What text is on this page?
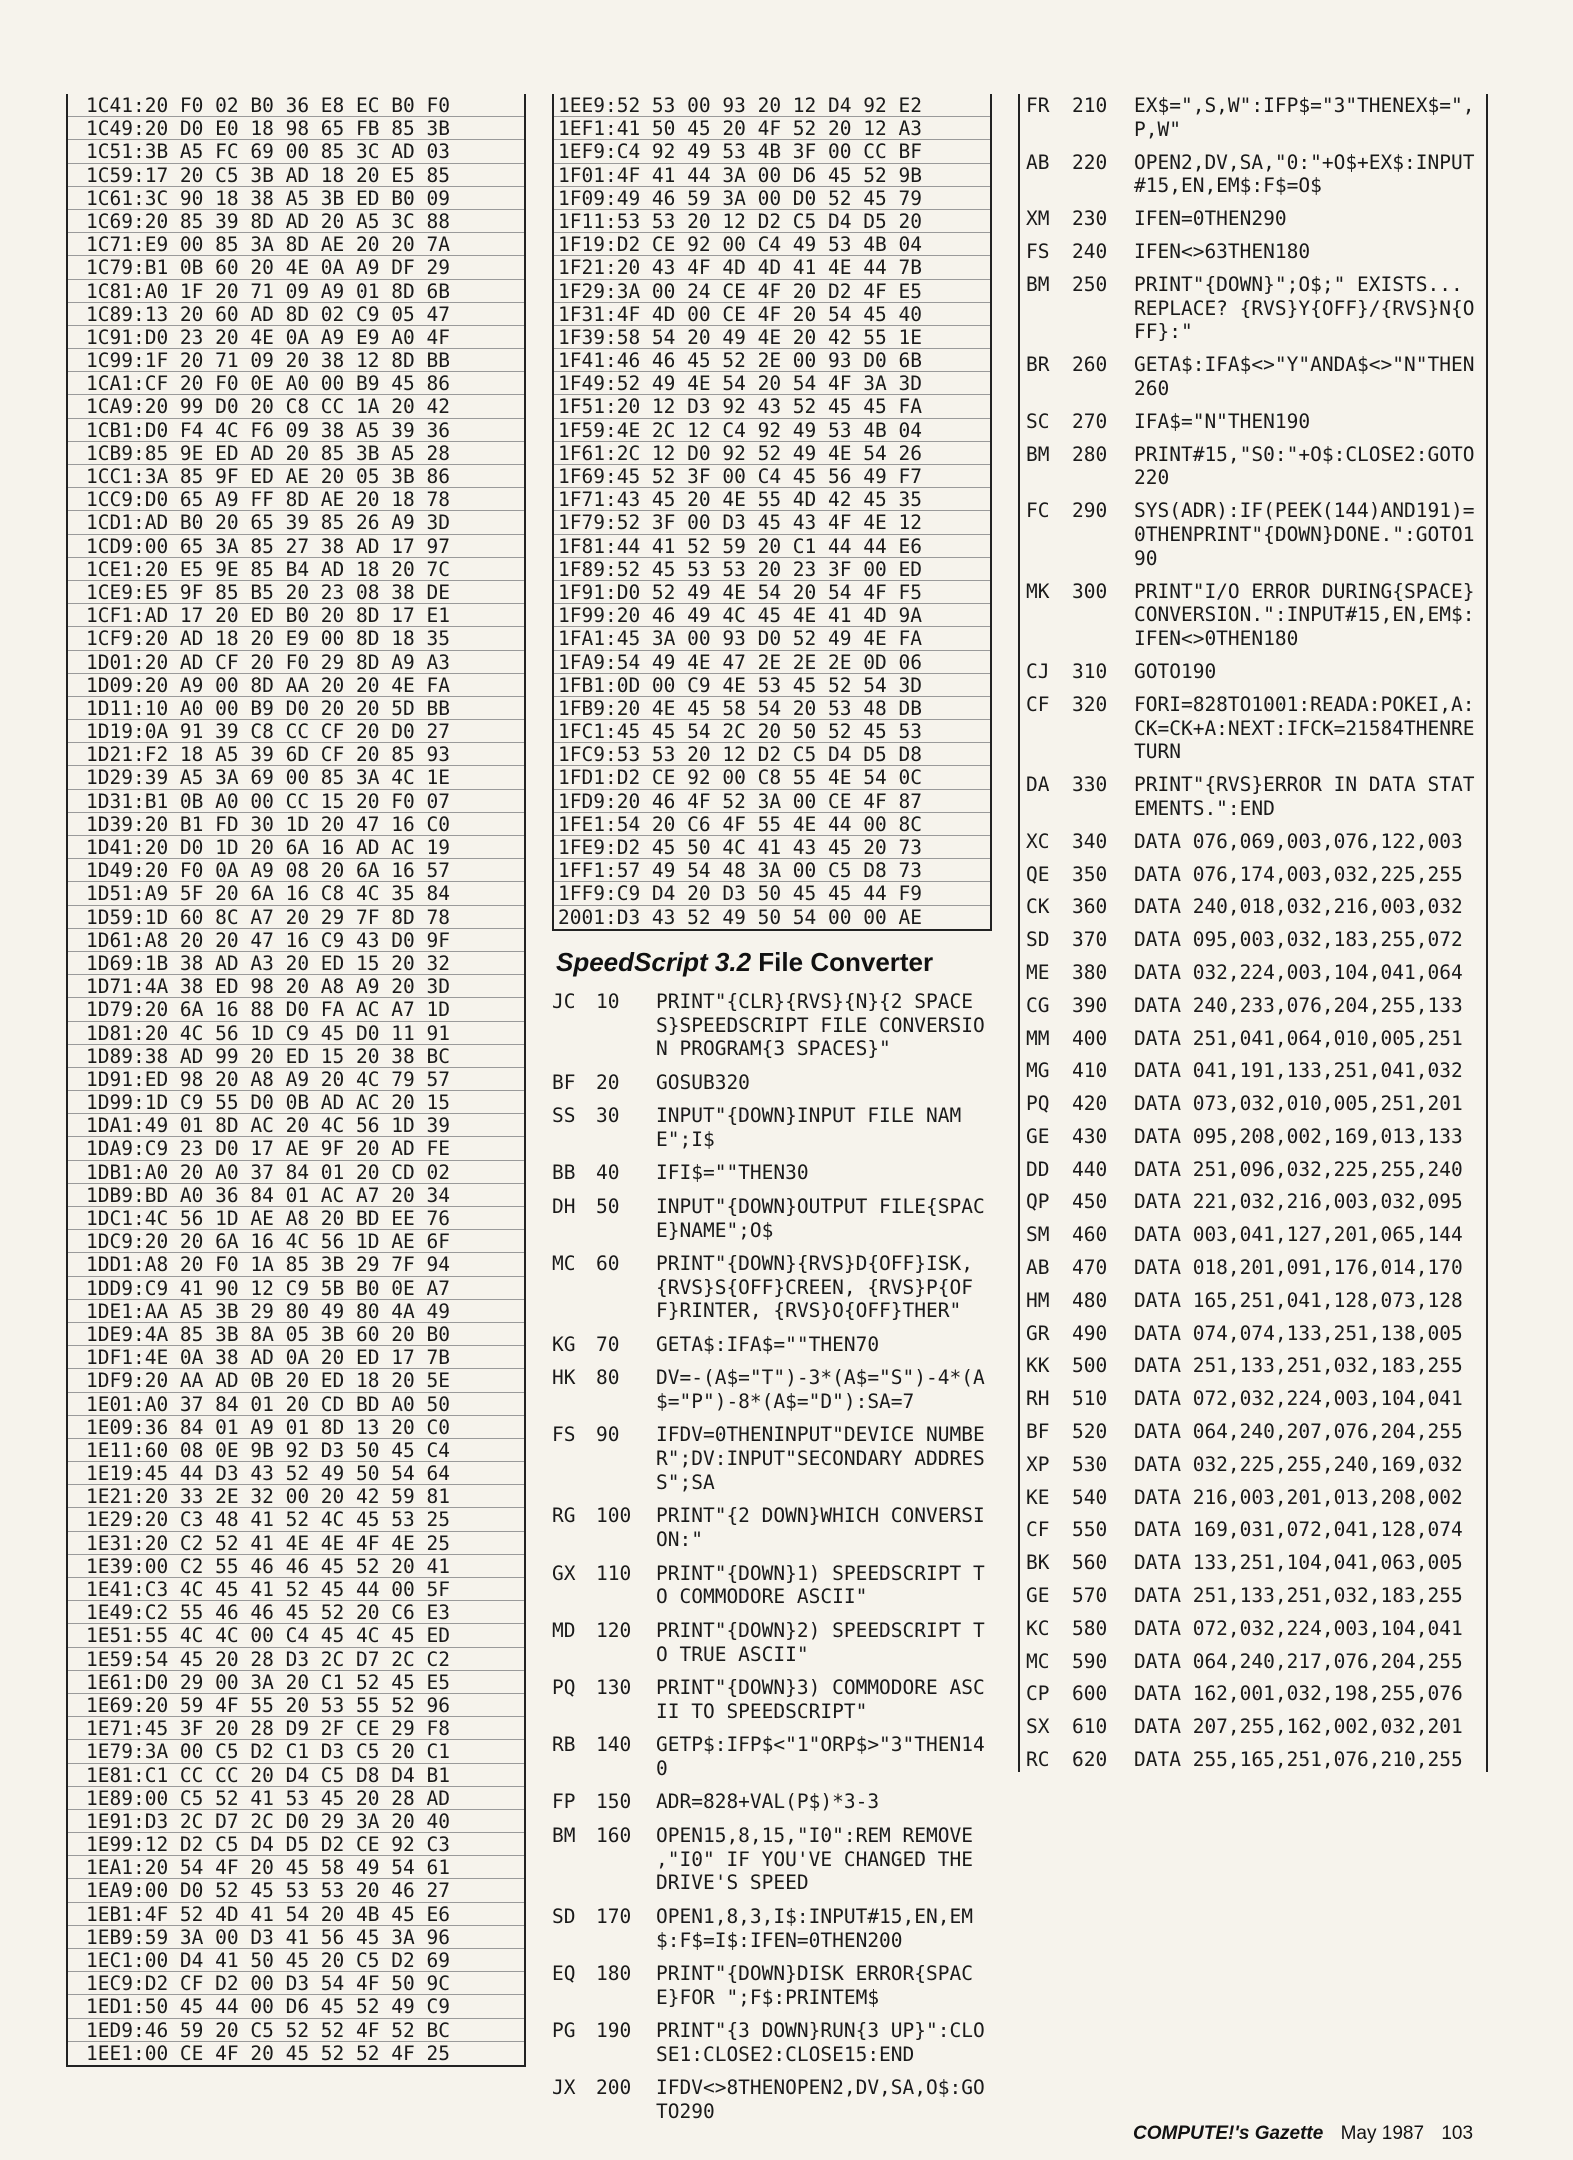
1C41:20 F0 02 B0 36 E8 EC B0 F0
1C49:20 D0 E0 18 98 65 FB 85 3B
1C51:3B A5 FC 69 00 85 3C AD 03
1C59:17 20 C5 3B AD 18 20 E5 85
1C61:3C 90 18 38 A5 3B ED B0 09
1C69:20 85 39 8D AD 20 A5 3C 88
1C71:E9 00 85 3A 8D AE 20 20 7A
1C79:B1 0B 60 20 4E 0A A9 DF 29
1C81:A0 1F 20 71 09 A9 01 8D 6B
1C89:13 20 60 AD 8D 02 C9 05 47
1C91:D0 23 20 4E 0A A9 E9 A0 4F
1C99:1F 20 71 09 20 38 12 8D BB
1CA1:CF 20 F0 0E A0 00 B9 45 86
1CA9:20 99 D0 20 C8 CC 1A 20 42
1CB1:D0 F4 4C F6 09 38 A5 39 36
1CB9:85 9E ED AD 20 85 3B A5 28
1CC1:3A 85 9F ED AE 20 05 3B 86
1CC9:D0 65 A9 FF 8D AE 20 18 78
1CD1:AD B0 20 65 39 85 26 A9 3D
1CD9:00 65 3A 85 27 38 AD 17 97
1CE1:20 E5 9E 85 B4 AD 18 20 7C
1CE9:E5 9F 85 B5 20 23 08 38 DE
1CF1:AD 17 20 ED B0 20 8D 17 E1
1CF9:20 AD 18 20 E9 00 8D 18 35
1D01:20 AD CF 20 F0 29 8D A9 A3
1D09:20 A9 00 8D AA 20 20 4E FA
1D11:10 A0 00 B9 D0 20 20 5D BB
1D19:0A 91 39 C8 CC CF 20 D0 27
1D21:F2 18 A5 39 6D CF 20 85 93
1D29:39 A5 3A 69 00 85 3A 4C 1E
1D31:B1 0B A0 00 CC 15 20 F0 07
1D39:20 B1 FD 30 1D 20 47 16 C0
1D41:20 D0 1D 20 6A 16 AD AC 19
1D49:20 F0 0A A9 08 20 6A 16 57
1D51:A9 5F 20 6A 16 C8 4C 35 84
1D59:1D 60 8C A7 20 29 7F 8D 78
1D61:A8 20 20 47 16 C9 43 D0 9F
1D69:1B 38 AD A3 20 ED 15 20 32
1D71:4A 38 ED 98 20 A8 A9 20 3D
1D79:20 6A 16 88 D0 FA AC A7 1D
1D81:20 4C 56 1D C9 45 D0 11 91
1D89:38 AD 99 20 ED 15 20 38 BC
1D91:ED 98 20 A8 A9 20 4C 79 57
1D99:1D C9 55 D0 0B AD AC 20 15
1DA1:49 01 8D AC 20 4C 56 1D 39
1DA9:C9 23 D0 17 AE 9F 20 AD FE
1DB1:A0 20 A0 37 84 01 20 CD 02
1DB9:BD A0 36 84 01 AC A7 20 34
1DC1:4C 56 1D AE A8 20 BD EE 76
1DC9:20 20 6A 16 4C 56 1D AE 6F
1DD1:A8 20 F0 1A 85 3B 29 7F 94
1DD9:C9 41 90 12 C9 5B B0 0E A7
1DE1:AA A5 3B 29 80 49 80 4A 49
1DE9:4A 85 3B 8A 05 3B 60 20 B0
1DF1:4E 0A 38 AD 0A 20 ED 17 7B
1DF9:20 AA AD 0B 20 ED 18 20 5E
1E01:A0 37 84 01 20 CD BD A0 50
1E09:36 84 01 A9 01 8D 13 20 C0
1E11:60 08 0E 9B 92 D3 50 45 C4
1E19:45 44 D3 43 52 49 50 54 64
1E21:20 33 2E 32 00 20 42 59 81
1E29:20 C3 48 41 52 4C 45 53 25
1E31:20 C2 52 41 4E 4E 4F 4E 25
1E39:00 C2 55 46 46 45 52 20 41
1E41:C3 4C 45 41 52 45 44 00 5F
1E49:C2 55 46 46 45 52 20 C6 E3
1E51:55 4C 4C 00 C4 45 4C 45 ED
1E59:54 45 20 28 D3 2C D7 2C C2
1E61:D0 29 00 3A 20 C1 52 45 E5
1E69:20 59 4F 55 20 53 55 52 96
1E71:45 3F 20 28 D9 2F CE 29 F8
1E79:3A 00 C5 D2 C1 D3 C5 20 C1
1E81:C1 CC CC 20 D4 C5 D8 D4 B1
1E89:00 C5 52 41 53 45 20 28 AD
1E91:D3 2C D7 2C D0 29 3A 20 40
1E99:12 D2 C5 D4 D5 D2 CE 92 C3
1EA1:20 54 4F 20 45 58 49 54 61
1EA9:00 D0 52 45 53 53 20 46 27
1EB1:4F 52 4D 41 54 20 4B 45 E6
1EB9:59 3A 00 D3 41 56 45 3A 96
1EC1:00 D4 41 50 45 20 C5 D2 69
1EC9:D2 CF D2 00 D3 54 4F 50 9C
1ED1:50 45 44 00 D6 45 52 49 C9
1ED9:46 59 20 C5 52 52 4F 52 BC
1EE1:00 CE 4F 20 45 52 52 4F 25
1EE9:52 53 00 93 20 12 D4 92 E2
1EF1:41 50 45 20 4F 52 20 12 A3
1EF9:C4 92 49 53 4B 3F 00 CC BF
1F01:4F 41 44 3A 00 D6 45 52 9B
1F09:49 46 59 3A 00 D0 52 45 79
1F11:53 53 20 12 D2 C5 D4 D5 20
1F19:D2 CE 92 00 C4 49 53 4B 04
1F21:20 43 4F 4D 4D 41 4E 44 7B
1F29:3A 00 24 CE 4F 20 D2 4F E5
1F31:4F 4D 00 CE 4F 20 54 45 40
1F39:58 54 20 49 4E 20 42 55 1E
1F41:46 46 45 52 2E 00 93 D0 6B
1F49:52 49 4E 54 20 54 4F 3A 3D
1F51:20 12 D3 92 43 52 45 45 FA
1F59:4E 2C 12 C4 92 49 53 4B 04
1F61:2C 12 D0 92 52 49 4E 54 26
1F69:45 52 3F 00 C4 45 56 49 F7
1F71:43 45 20 4E 55 4D 42 45 35
1F79:52 3F 00 D3 45 43 4F 4E 12
1F81:44 41 52 59 20 C1 44 44 E6
1F89:52 45 53 53 20 23 3F 00 ED
1F91:D0 52 49 4E 54 20 54 4F F5
1F99:20 46 49 4C 45 4E 41 4D 9A
1FA1:45 3A 00 93 D0 52 49 4E FA
1FA9:54 49 4E 47 2E 2E 2E 0D 06
1FB1:0D 00 C9 4E 53 45 52 54 3D
1FB9:20 4E 45 58 54 20 53 48 DB
1FC1:45 45 54 2C 20 50 52 45 53
1FC9:53 53 20 12 D2 C5 D4 D5 D8
1FD1:D2 CE 92 00 C8 55 4E 54 0C
1FD9:20 46 4F 52 3A 00 CE 4F 87
1FE1:54 20 C6 4F 55 4E 44 00 8C
1FE9:D2 45 50 4C 41 43 45 20 73
1FF1:57 49 54 48 3A 00 C5 D8 73
1FF9:C9 D4 20 D3 50 45 45 44 F9
2001:D3 43 52 49 50 54 00 00 AE
SpeedScript 3.2 File Converter
JC	10	PRINT"{CLR}{RVS}{N}{2 SPACES}SPEEDSCRIPT FILE CONVERSION PROGRAM{3 SPACES}"
BF	20	GOSUB320
SS	30	INPUT"{DOWN}INPUT FILE NAME";I$
BB	40	IFI$=""THEN30
DH	50	INPUT"{DOWN}OUTPUT FILE{SPACE}NAME";O$
MC	60	PRINT"{DOWN}{RVS}D{OFF}ISK, {RVS}S{OFF}CREEN, {RVS}P{OFF}RINTER, {RVS}O{OFF}THER"
KG	70	GETA$:IFA$=""THEN70
HK	80	DV=-(A$="T")-3*(A$="S")-4*(A$="P")-8*(A$="D"):SA=7
FS	90	IFDV=0THENINPUT"DEVICE NUMBER";DV:INPUT"SECONDARY ADDRESS";SA
RG	100	PRINT"{2 DOWN}WHICH CONVERSION:"
GX	110	PRINT"{DOWN}1) SPEEDSCRIPT TO COMMODORE ASCII"
MD	120	PRINT"{DOWN}2) SPEEDSCRIPT TO TRUE ASCII"
PQ	130	PRINT"{DOWN}3) COMMODORE ASCII TO SPEEDSCRIPT"
RB	140	GETP$:IFP$<"1"ORP$>"3"THEN140
FP	150	ADR=828+VAL(P$)*3-3
BM	160	OPEN15,8,15,"I0":REM REMOVE ,"I0" IF YOU'VE CHANGED THE DRIVE'S SPEED
SD	170	OPEN1,8,3,I$:INPUT#15,EN,EM$:F$=I$:IFEN=0THEN200
EQ	180	PRINT"{DOWN}DISK ERROR{SPACE}FOR ";F$:PRINTEM$
PG	190	PRINT"{3 DOWN}RUN{3 UP}":CLOSE1:CLOSE2:CLOSE15:END
JX	200	IFDV<>8THENOPEN2,DV,SA,O$:GOTO290
FR	210	EX$=",S,W":IFP$="3"THENEX$=",P,W"
AB	220	OPEN2,DV,SA,"0:"+O$+EX$:INPUT#15,EN,EM$:F$=O$
XM	230	IFEN=0THEN290
FS	240	IFEN<>63THEN180
BM	250	PRINT"{DOWN}";O$;" EXISTS... REPLACE? {RVS}Y{OFF}/{RVS}N{OFF}:"
BR	260	GETA$:IFA$<>"Y"ANDA$<>"N"THEN260
SC	270	IFA$="N"THEN190
BM	280	PRINT#15,"S0:"+O$:CLOSE2:GOTO220
FC	290	SYS(ADR):IF(PEEK(144)AND191)=0THENPRINT"{DOWN}DONE.":GOTO190
MK	300	PRINT"I/O ERROR DURING{SPACE}CONVERSION.":INPUT#15,EN,EM$:IFEN<>0THEN180
CJ	310	GOTO190
CF	320	FORI=828TO1001:READA:POKEI,A:CK=CK+A:NEXT:IFCK=21584THENRETURN
DA	330	PRINT"{RVS}ERROR IN DATA STATEMENTS.":END
XC	340	DATA 076,069,003,076,122,003
QE	350	DATA 076,174,003,032,225,255
CK	360	DATA 240,018,032,216,003,032
SD	370	DATA 095,003,032,183,255,072
ME	380	DATA 032,224,003,104,041,064
CG	390	DATA 240,233,076,204,255,133
MM	400	DATA 251,041,064,010,005,251
MG	410	DATA 041,191,133,251,041,032
PQ	420	DATA 073,032,010,005,251,201
GE	430	DATA 095,208,002,169,013,133
DD	440	DATA 251,096,032,225,255,240
QP	450	DATA 221,032,216,003,032,095
SM	460	DATA 003,041,127,201,065,144
AB	470	DATA 018,201,091,176,014,170
HM	480	DATA 165,251,041,128,073,128
GR	490	DATA 074,074,133,251,138,005
KK	500	DATA 251,133,251,032,183,255
RH	510	DATA 072,032,224,003,104,041
BF	520	DATA 064,240,207,076,204,255
XP	530	DATA 032,225,255,240,169,032
KE	540	DATA 216,003,201,013,208,002
CF	550	DATA 169,031,072,041,128,074
BK	560	DATA 133,251,104,041,063,005
GE	570	DATA 251,133,251,032,183,255
KC	580	DATA 072,032,224,003,104,041
MC	590	DATA 064,240,217,076,204,255
CP	600	DATA 162,001,032,198,255,076
SX	610	DATA 207,255,162,002,032,201
RC	620	DATA 255,165,251,076,210,255
COMPUTE!'s Gazette May 1987 103
